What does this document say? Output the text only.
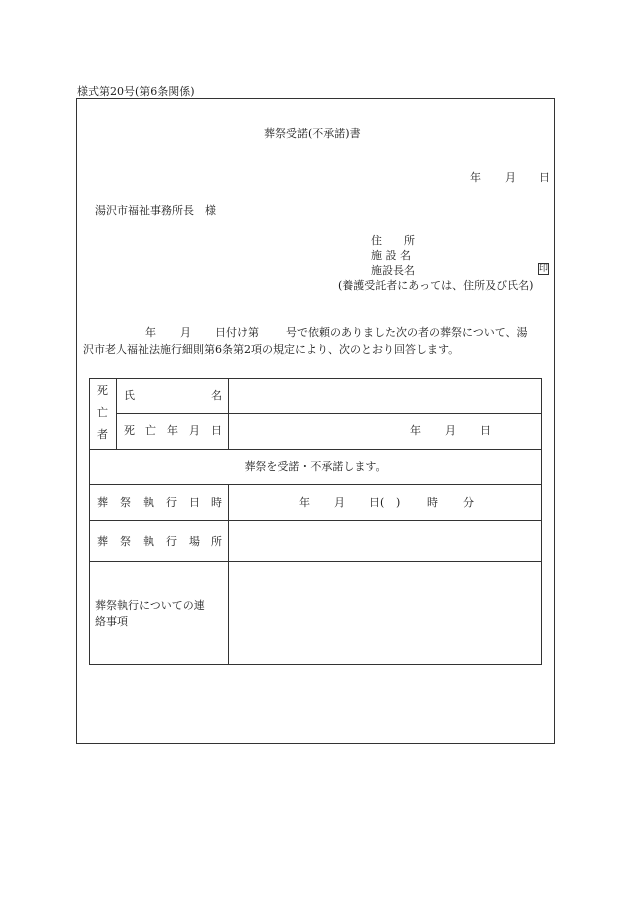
様式第20号(第6条関係)
葬祭受諾(不承諾)書
年 月 日
湯沢市福祉事務所長　様
住　　所
施 設 名
施設長名	印
(養護受託者にあっては、住所及び氏名)
年 月 日付け第 号で依頼のありました次の者の葬祭について、湯
沢市老人福祉法施行細則第6条第2項の規定により、次のとおり回答します。
死
亡
者
氏	名
死 亡 年 月 日	年 月 日
葬祭を受諾・不承諾します。
葬 祭 執 行 日 時	年 月 日( ) 時 分
葬 祭 執 行 場 所
葬祭執行についての連
絡事項
